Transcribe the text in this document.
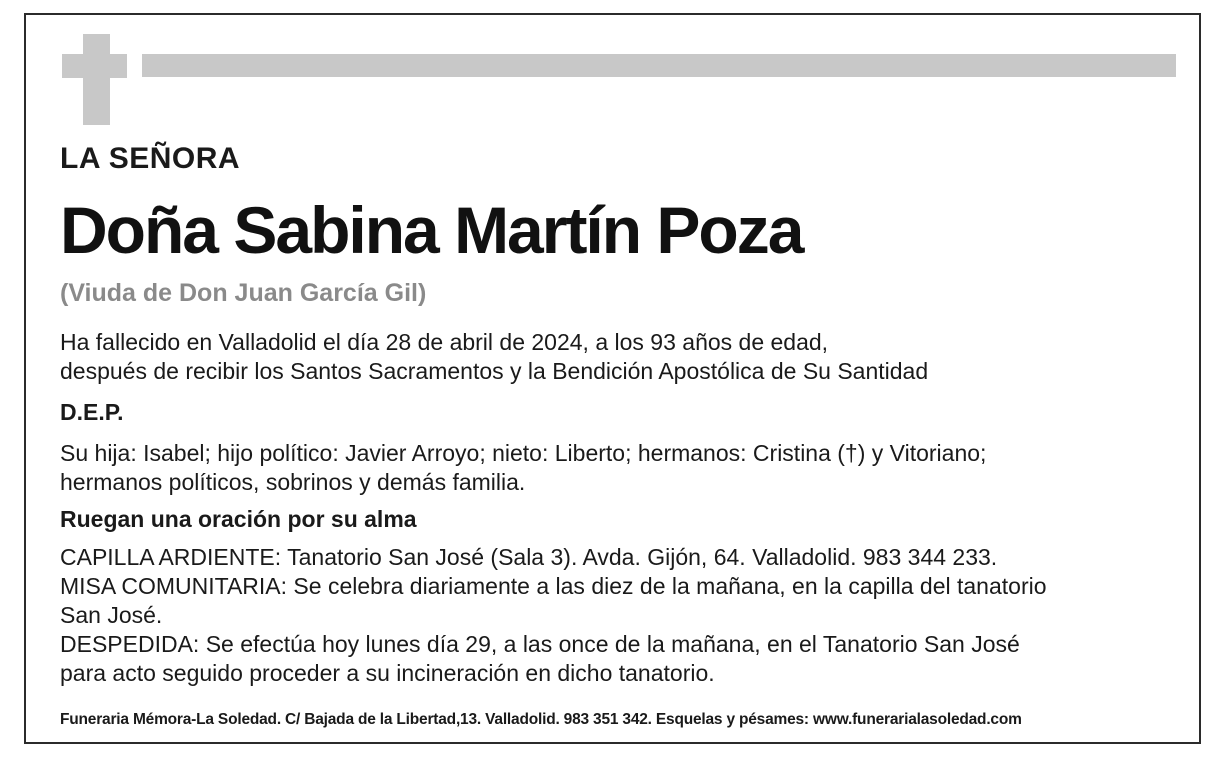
LA SEÑORA
Doña Sabina Martín Poza
(Viuda de Don Juan García Gil)
Ha fallecido en Valladolid el día 28 de abril de 2024, a los 93 años de edad,
después de recibir los Santos Sacramentos y la Bendición Apostólica de Su Santidad
D.E.P.
Su hija: Isabel; hijo político: Javier Arroyo; nieto: Liberto; hermanos: Cristina (†) y Vitoriano;
hermanos políticos, sobrinos y demás familia.
Ruegan una oración por su alma
CAPILLA ARDIENTE: Tanatorio San José (Sala 3). Avda. Gijón, 64. Valladolid. 983 344 233.
MISA COMUNITARIA: Se celebra diariamente a las diez de la mañana, en la capilla del tanatorio
San José.
DESPEDIDA: Se efectúa hoy lunes día 29, a las once de la mañana, en el Tanatorio San José
para acto seguido proceder a su incineración en dicho tanatorio.
Funeraria Mémora-La Soledad. C/ Bajada de la Libertad,13. Valladolid. 983 351 342. Esquelas y pésames: www.funerarialasoledad.com
